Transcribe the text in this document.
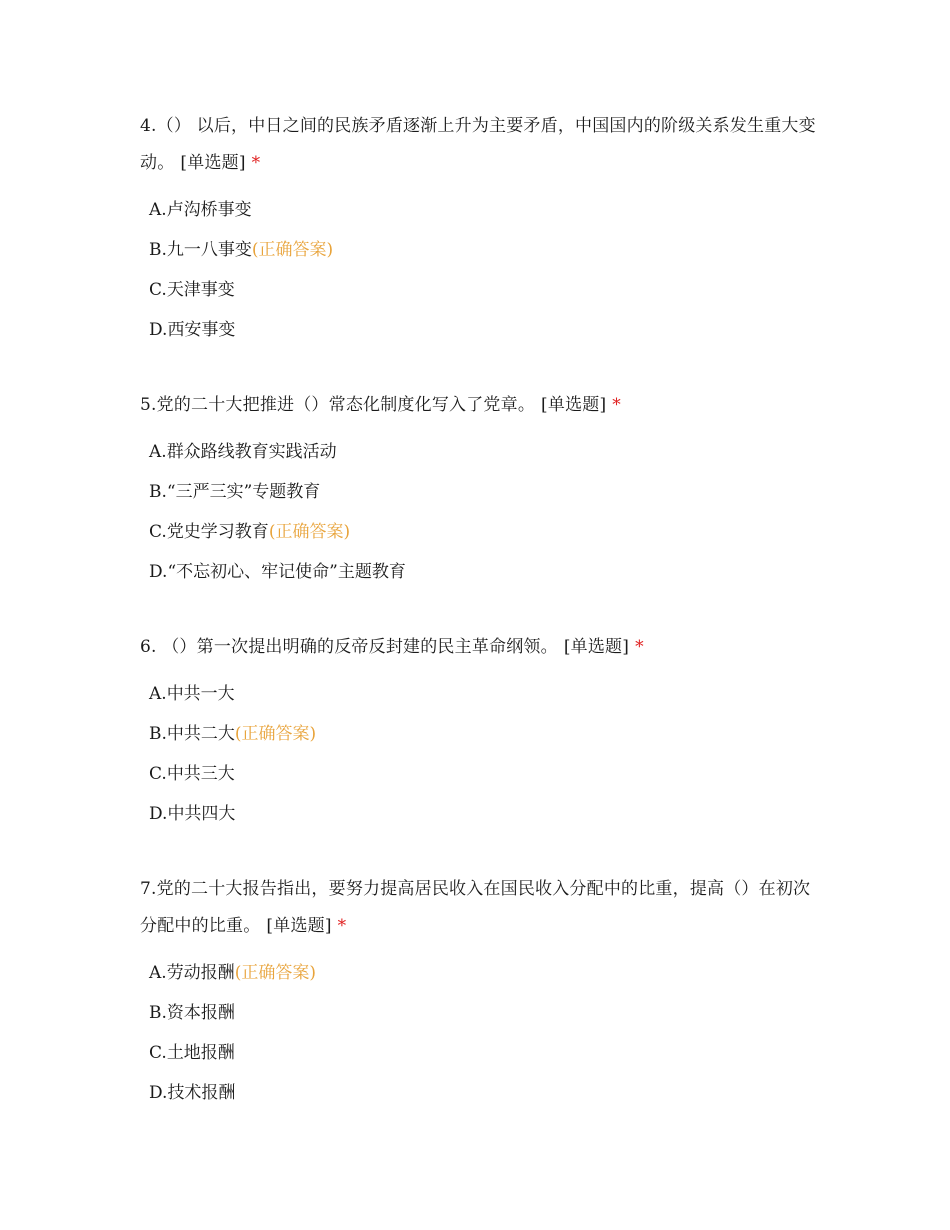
4.（） 以后，中日之间的民族矛盾逐渐上升为主要矛盾，中国国内的阶级关系发生重大变动。 [单选题] *

A.卢沟桥事变
B.九一八事变(正确答案)
C.天津事变
D.西安事变

5.党的二十大把推进（）常态化制度化写入了党章。 [单选题] *

A.群众路线教育实践活动
B.“三严三实”专题教育
C.党史学习教育(正确答案)
D.“不忘初心、牢记使命”主题教育

6. （）第一次提出明确的反帝反封建的民主革命纲领。 [单选题] *

A.中共一大
B.中共二大(正确答案)
C.中共三大
D.中共四大

7.党的二十大报告指出，要努力提高居民收入在国民收入分配中的比重，提高（）在初次分配中的比重。 [单选题] *

A.劳动报酬(正确答案)
B.资本报酬
C.土地报酬
D.技术报酬
